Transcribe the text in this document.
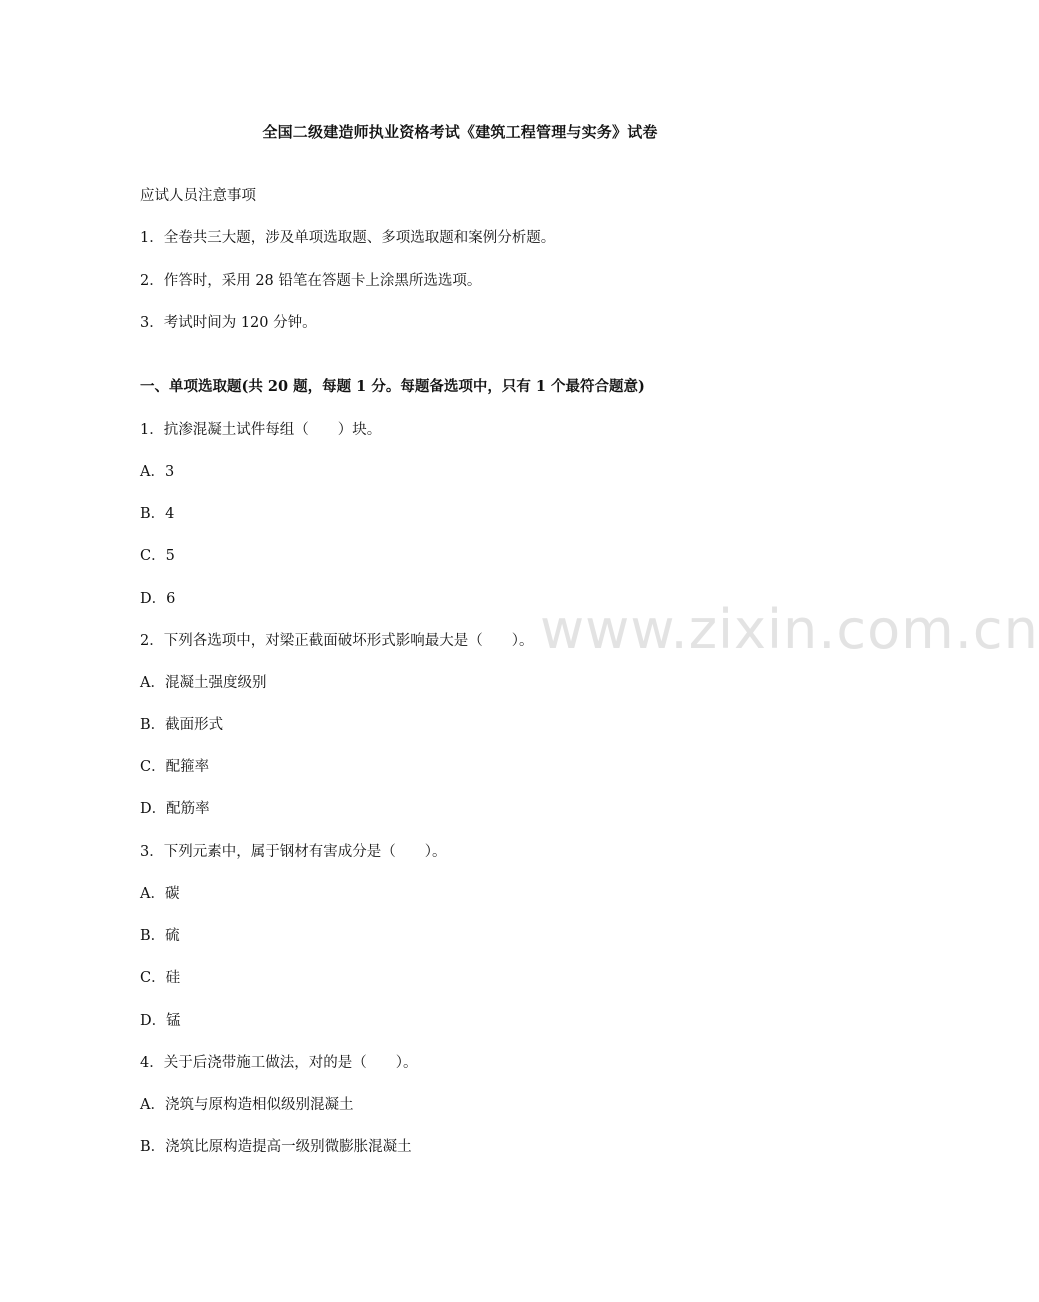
www.zixin.com.cn
全国二级建造师执业资格考试《建筑工程管理与实务》试卷
应试人员注意事项
1．全卷共三大题，涉及单项选取题、多项选取题和案例分析题。
2．作答时，采用 28 铅笔在答题卡上涂黑所选选项。
3．考试时间为 120 分钟。
一、单项选取题(共 20 题，每题 1 分。每题备选项中，只有 1 个最符合题意)
1．抗渗混凝土试件每组（　　）块。
A．3
B．4
C．5
D．6
2．下列各选项中，对梁正截面破坏形式影响最大是（　　）。
A．混凝土强度级别
B．截面形式
C．配箍率
D．配筋率
3．下列元素中，属于钢材有害成分是（　　）。
A．碳
B．硫
C．硅
D．锰
4．关于后浇带施工做法，对的是（　　）。
A．浇筑与原构造相似级别混凝土
B．浇筑比原构造提高一级别微膨胀混凝土
